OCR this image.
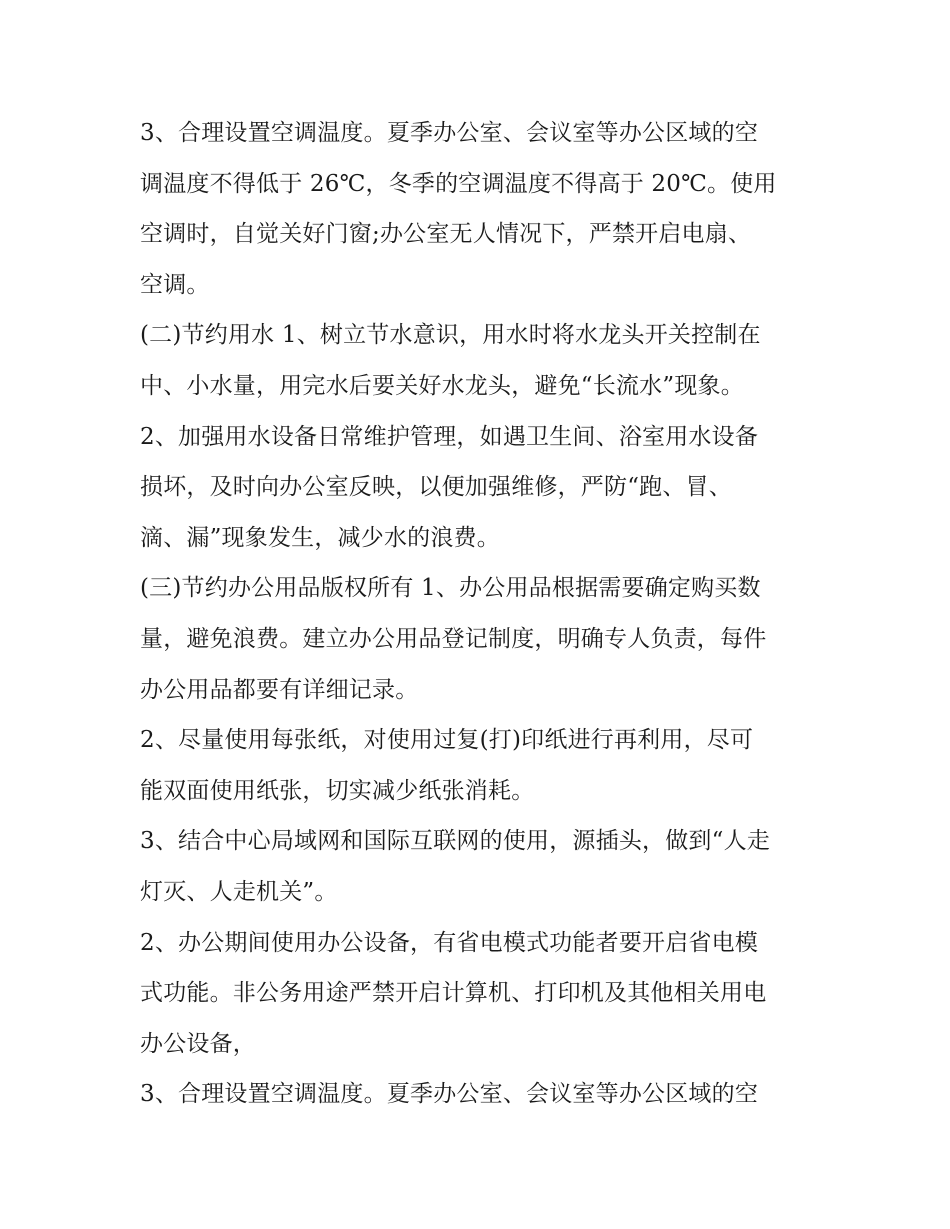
3、合理设置空调温度。夏季办公室、会议室等办公区域的空
调温度不得低于 26℃，冬季的空调温度不得高于 20℃。使用
空调时，自觉关好门窗;办公室无人情况下，严禁开启电扇、
空调。
(二)节约用水 1、树立节水意识，用水时将水龙头开关控制在
中、小水量，用完水后要关好水龙头，避免“长流水”现象。
2、加强用水设备日常维护管理，如遇卫生间、浴室用水设备
损坏，及时向办公室反映，以便加强维修，严防“跑、冒、
滴、漏”现象发生，减少水的浪费。
(三)节约办公用品版权所有 1、办公用品根据需要确定购买数
量，避免浪费。建立办公用品登记制度，明确专人负责，每件
办公用品都要有详细记录。
2、尽量使用每张纸，对使用过复(打)印纸进行再利用，尽可
能双面使用纸张，切实减少纸张消耗。
3、结合中心局域网和国际互联网的使用，源插头，做到“人走
灯灭、人走机关”。
2、办公期间使用办公设备，有省电模式功能者要开启省电模
式功能。非公务用途严禁开启计算机、打印机及其他相关用电
办公设备，
3、合理设置空调温度。夏季办公室、会议室等办公区域的空
